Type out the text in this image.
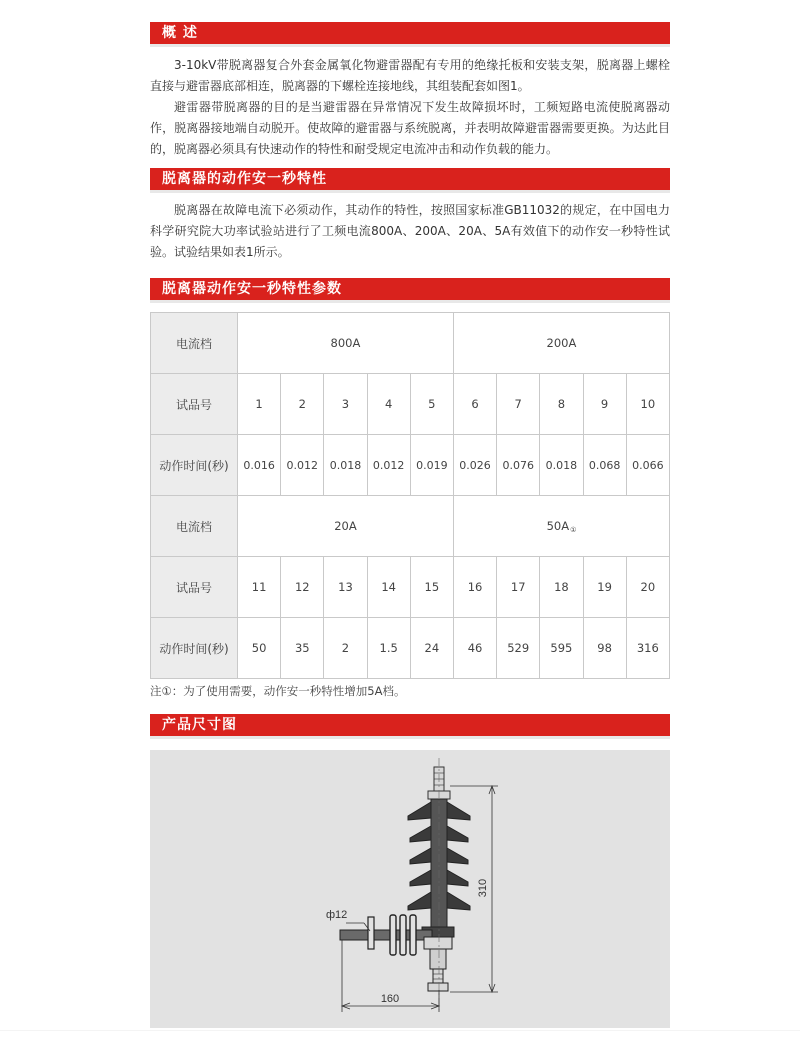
概 述
3-10kV带脱离器复合外套金属氧化物避雷器配有专用的绝缘托板和安装支架，脱离器上螺栓直接与避雷器底部相连，脱离器的下螺栓连接地线，其组装配套如图1。
避雷器带脱离器的目的是当避雷器在异常情况下发生故障损坏时，工频短路电流使脱离器动作，脱离器接地端自动脱开。使故障的避雷器与系统脱离，并表明故障避雷器需要更换。为达此目的，脱离器必须具有快速动作的特性和耐受规定电流冲击和动作负载的能力。
脱离器的动作安一秒特性
脱离器在故障电流下必须动作，其动作的特性，按照国家标准GB11032的规定，在中国电力科学研究院大功率试验站进行了工频电流800A、200A、20A、5A有效值下的动作安一秒特性试验。试验结果如表1所示。
脱离器动作安一秒特性参数
电流档	800A					200A				
试品号	1	2	3	4	5	6	7	8	9	10
动作时间(秒)	0.016	0.012	0.018	0.012	0.019	0.026	0.076	0.018	0.068	0.066
电流档	20A					$50A_①$
试品号	11	12	13	14	15	16	17	18	19	20
动作时间(秒)	50	35	2	1.5	24	46	529	595	98	316
注①：为了使用需要，动作安一秒特性增加5A档。
产品尺寸图
310
160
ф12
